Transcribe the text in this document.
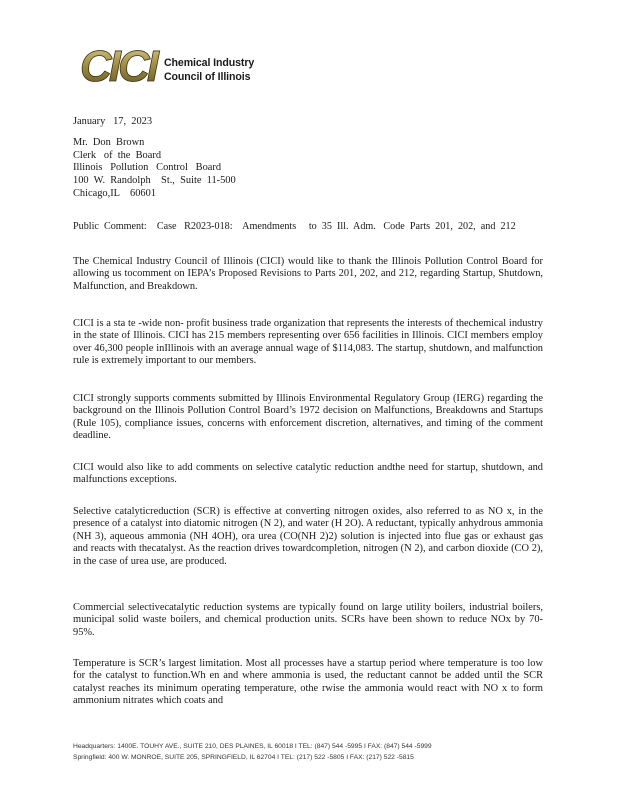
CICI Chemical Industry
Council of Illinois
January   17,  2023
Mr.  Don  Brown
Clerk   of  the  Board
Illinois   Pollution   Control   Board
100  W.  Randolph    St.,  Suite  11-500
Chicago,IL    60601
Public  Comment:    Case   R2023-018:    Amendments     to  35  Ill.  Adm.   Code  Parts  201,  202,  and  212
The Chemical Industry Council of Illinois (CICI) would like to thank the Illinois Pollution Control Board for allowing us tocomment on IEPA’s Proposed Revisions to Parts 201, 202, and 212, regarding Startup, Shutdown, Malfunction, and Breakdown.
CICI is a sta te -wide non- profit business trade organization that represents the interests of thechemical industry in the state of Illinois. CICI has 215 members representing over 656 facilities in Illinois. CICI members employ over 46,300 people inIllinois with an average annual wage of $114,083. The startup, shutdown, and malfunction rule is extremely important to our members.
CICI strongly supports comments submitted by Illinois Environmental Regulatory Group (IERG) regarding the background on the Illinois Pollution Control Board’s 1972 decision on Malfunctions, Breakdowns and Startups (Rule 105), compliance issues, concerns with enforcement discretion, alternatives, and timing of the comment deadline.
CICI would also like to add comments on selective catalytic reduction andthe need for startup, shutdown, and malfunctions exceptions.
Selective catalyticreduction (SCR) is effective at converting nitrogen oxides, also referred to as NO x, in the presence of a catalyst into diatomic nitrogen (N 2), and water (H 2O). A reductant, typically anhydrous ammonia (NH 3), aqueous ammonia (NH 4OH), ora urea (CO(NH 2)2) solution is injected into flue gas or exhaust gas and reacts with thecatalyst. As the reaction drives towardcompletion, nitrogen (N 2), and carbon dioxide (CO 2), in the case of urea use, are produced.
Commercial selectivecatalytic reduction systems are typically found on large utility boilers, industrial boilers, municipal solid waste boilers, and chemical production units. SCRs have been shown to reduce NOx by 70-95%.
Temperature is SCR’s largest limitation. Most all processes have a startup period where temperature is too low for the catalyst to function.Wh en and where ammonia is used, the reductant cannot be added until the SCR catalyst reaches its minimum operating temperature, othe rwise the ammonia would react with NO x to form ammonium nitrates which coats and
Headquarters: 1400E. TOUHY AVE., SUITE 210, DES PLAINES, IL 60018 I TEL: (847) 544 -5995 I FAX: (847) 544 -5999
Springfield: 400 W. MONROE, SUITE 205, SPRINGFIELD, IL 62704 I TEL: (217) 522 -5805 I FAX: (217) 522 -5815
